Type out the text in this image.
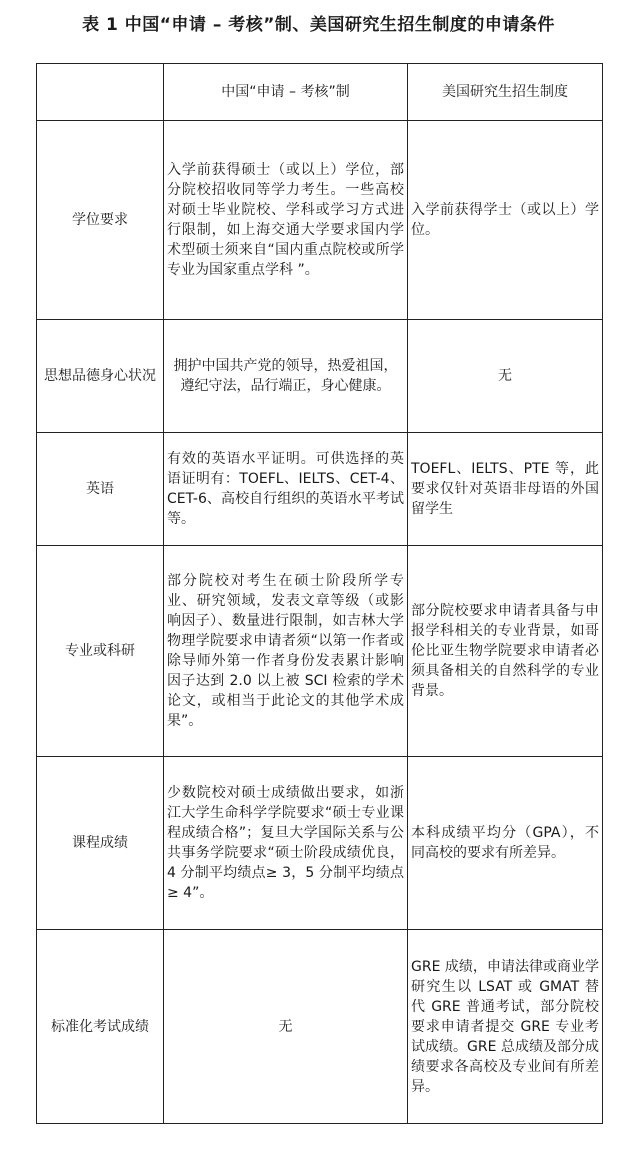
表 1 中国“申请 – 考核”制、美国研究生招生制度的申请条件
	中国“申请 – 考核”制	美国研究生招生制度
学位要求	入学前获得硕士（或以上）学位，部分院校招收同等学力考生。一些高校对硕士毕业院校、学科或学习方式进行限制，如上海交通大学要求国内学术型硕士须来自“国内重点院校或所学专业为国家重点学科 ”。	入学前获得学士（或以上）学位。
思想品德身心状况	拥护中国共产党的领导，热爱祖国，遵纪守法，品行端正，身心健康。	无
英语	有效的英语水平证明。可供选择的英语证明有：TOEFL、IELTS、CET-4、CET-6、高校自行组织的英语水平考试等。	TOEFL、IELTS、PTE 等，此要求仅针对英语非母语的外国留学生
专业或科研	部分院校对考生在硕士阶段所学专业、研究领域，发表文章等级（或影响因子）、数量进行限制，如吉林大学物理学院要求申请者须“以第一作者或除导师外第一作者身份发表累计影响因子达到 2.0 以上被 SCI 检索的学术论文，或相当于此论文的其他学术成果”。	部分院校要求申请者具备与申报学科相关的专业背景，如哥伦比亚生物学院要求申请者必须具备相关的自然科学的专业背景。
课程成绩	少数院校对硕士成绩做出要求，如浙江大学生命科学学院要求“硕士专业课程成绩合格”；复旦大学国际关系与公共事务学院要求“硕士阶段成绩优良，4 分制平均绩点≥ 3，5 分制平均绩点≥ 4”。	本科成绩平均分（GPA），不同高校的要求有所差异。
标准化考试成绩	无	GRE 成绩，申请法律或商业学研究生以 LSAT 或 GMAT 替代 GRE 普通考试，部分院校要求申请者提交 GRE 专业考试成绩。GRE 总成绩及部分成绩要求各高校及专业间有所差异。
